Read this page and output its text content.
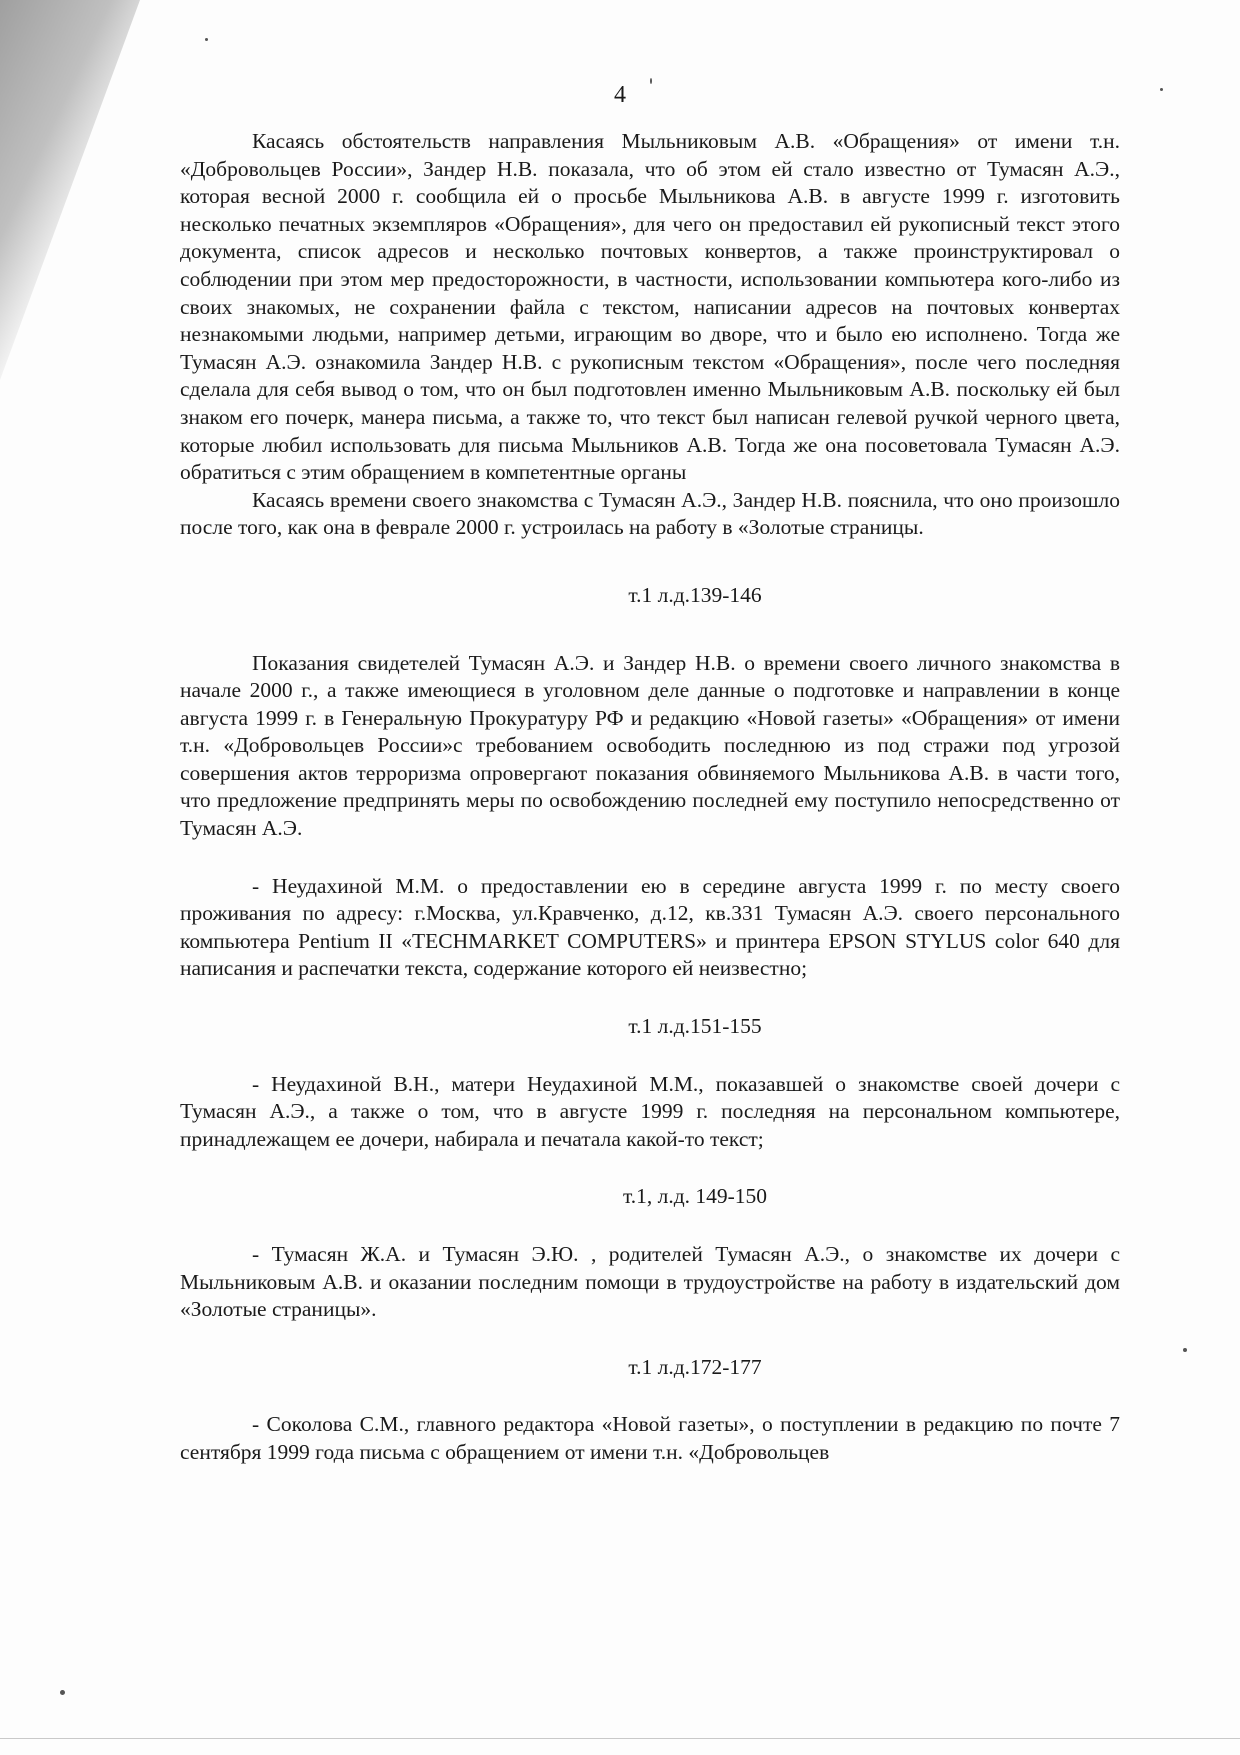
4

Касаясь обстоятельств направления Мыльниковым А.В. «Обращения» от имени т.н. «Добровольцев России», Зандер Н.В. показала, что об этом ей стало известно от Тумасян А.Э., которая весной 2000 г. сообщила ей о просьбе Мыльникова А.В. в августе 1999 г. изготовить несколько печатных экземпляров «Обращения», для чего он предоставил ей рукописный текст этого документа, список адресов и несколько почтовых конвертов, а также проинструктировал о соблюдении при этом мер предосторожности, в частности, использовании компьютера кого-либо из своих знакомых, не сохранении файла с текстом, написании адресов на почтовых конвертах незнакомыми людьми, например детьми, играющим во дворе, что и было ею исполнено. Тогда же Тумасян А.Э. ознакомила Зандер Н.В. с рукописным текстом «Обращения», после чего последняя сделала для себя вывод о том, что он был подготовлен именно Мыльниковым А.В. поскольку ей был знаком его почерк, манера письма, а также то, что текст был написан гелевой ручкой черного цвета, которые любил использовать для письма Мыльников А.В. Тогда же она посоветовала Тумасян А.Э. обратиться с этим обращением в компетентные органы

Касаясь времени своего знакомства с Тумасян А.Э., Зандер Н.В. пояснила, что оно произошло после того, как она в феврале 2000 г. устроилась на работу в «Золотые страницы.

т.1 л.д.139-146

Показания свидетелей Тумасян А.Э. и Зандер Н.В. о времени своего личного знакомства в начале 2000 г., а также имеющиеся в уголовном деле данные о подготовке и направлении в конце августа 1999 г. в Генеральную Прокуратуру РФ и редакцию «Новой газеты» «Обращения» от имени т.н. «Добровольцев России»с требованием освободить последнюю из под стражи под угрозой совершения актов терроризма опровергают показания обвиняемого Мыльникова А.В. в части того, что предложение предпринять меры по освобождению последней ему поступило непосредственно от Тумасян А.Э.

- Неудахиной М.М. о предоставлении ею в середине августа 1999 г. по месту своего проживания по адресу: г.Москва, ул.Кравченко, д.12, кв.331 Тумасян А.Э. своего персонального компьютера Pentium II «TECHMARKET COMPUTERS» и принтера EPSON STYLUS color 640 для написания и распечатки текста, содержание которого ей неизвестно;

т.1 л.д.151-155

- Неудахиной В.Н., матери Неудахиной М.М., показавшей о знакомстве своей дочери с Тумасян А.Э., а также о том, что в августе 1999 г. последняя на персональном компьютере, принадлежащем ее дочери, набирала и печатала какой-то текст;

т.1, л.д. 149-150

- Тумасян Ж.А. и Тумасян Э.Ю. , родителей Тумасян А.Э., о знакомстве их дочери с Мыльниковым А.В. и оказании последним помощи в трудоустройстве на работу в издательский дом «Золотые страницы».

т.1 л.д.172-177

- Соколова С.М., главного редактора «Новой газеты», о поступлении в редакцию по почте 7 сентября 1999 года письма с обращением от имени т.н. «Добровольцев
